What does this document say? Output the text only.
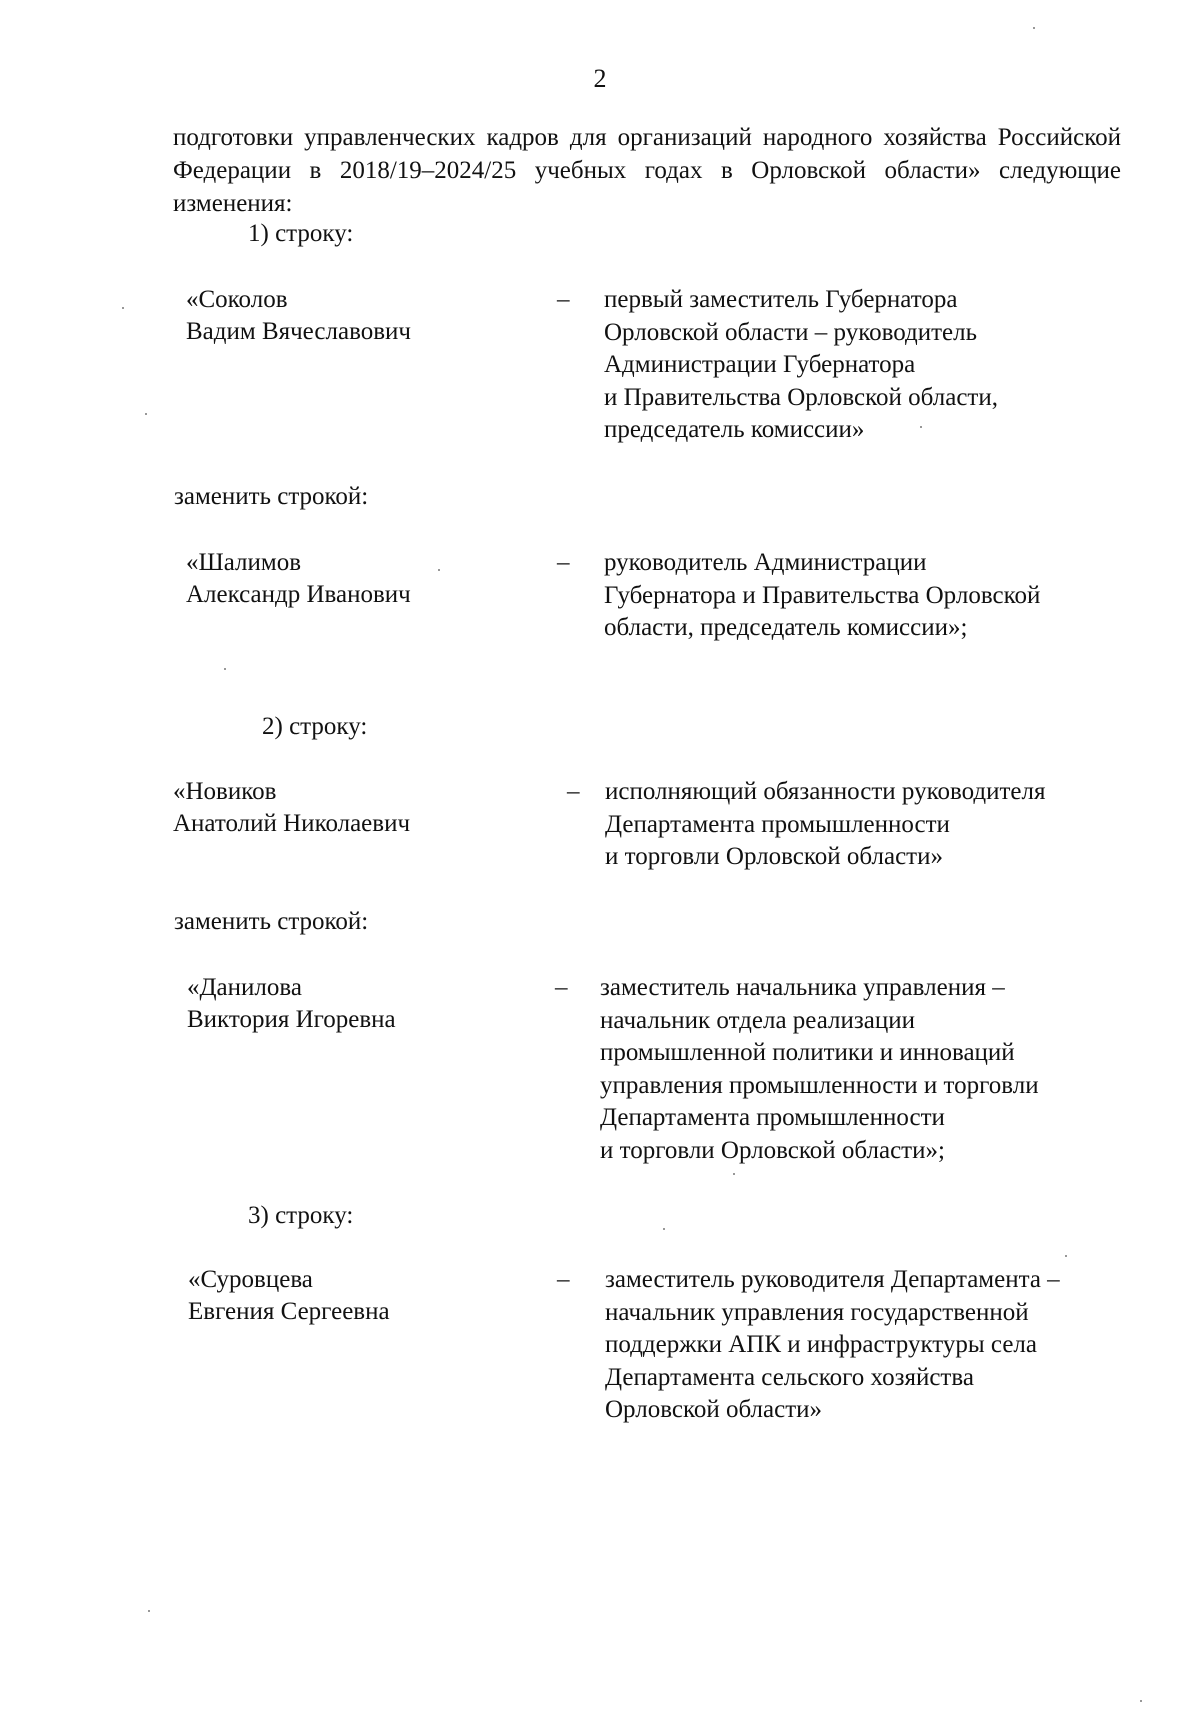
2
подготовки управленческих кадров для организаций народного хозяйства Российской Федерации в 2018/19–2024/25 учебных годах в Орловской области» следующие изменения:
1) строку:
«Соколов
Вадим Вячеславович
– первый заместитель Губернатора
Орловской области – руководитель
Администрации Губернатора
и Правительства Орловской области,
председатель комиссии»
заменить строкой:
«Шалимов
Александр Иванович
– руководитель Администрации
Губернатора и Правительства Орловской
области, председатель комиссии»;
2) строку:
«Новиков
Анатолий Николаевич
– исполняющий обязанности руководителя
Департамента промышленности
и торговли Орловской области»
заменить строкой:
«Данилова
Виктория Игоревна
– заместитель начальника управления –
начальник отдела реализации
промышленной политики и инноваций
управления промышленности и торговли
Департамента промышленности
и торговли Орловской области»;
3) строку:
«Суровцева
Евгения Сергеевна
– заместитель руководителя Департамента –
начальник управления государственной
поддержки АПК и инфраструктуры села
Департамента сельского хозяйства
Орловской области»
